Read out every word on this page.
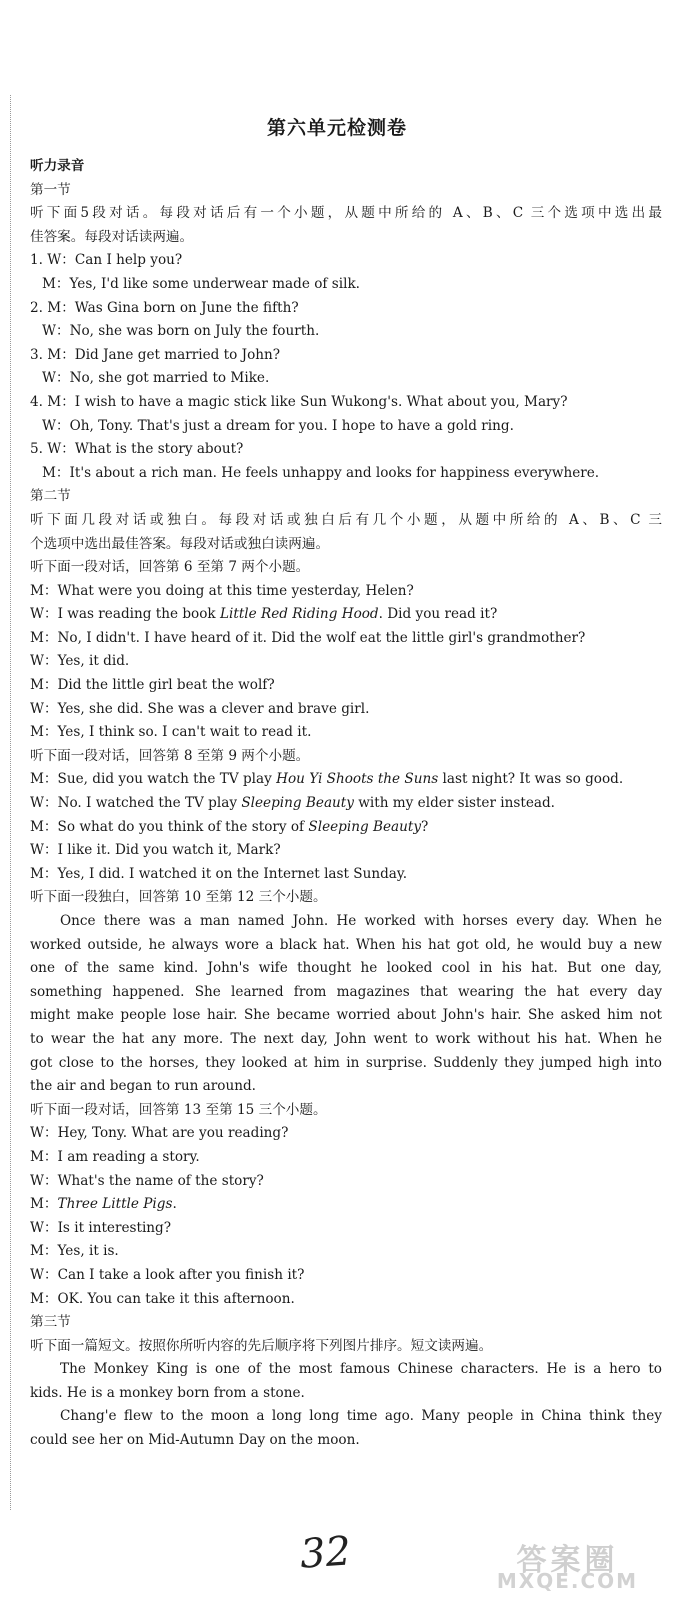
第六单元检测卷
听力录音
第一节
听下面5段对话。每段对话后有一个小题，从题中所给的 A、B、C 三个选项中选出最
佳答案。每段对话读两遍。
1. W：Can I help you?
M：Yes, I'd like some underwear made of silk.
2. M：Was Gina born on June the fifth?
W：No, she was born on July the fourth.
3. M：Did Jane get married to John?
W：No, she got married to Mike.
4. M：I wish to have a magic stick like Sun Wukong's. What about you, Mary?
W：Oh, Tony. That's just a dream for you. I hope to have a gold ring.
5. W：What is the story about?
M：It's about a rich man. He feels unhappy and looks for happiness everywhere.
第二节
听下面几段对话或独白。每段对话或独白后有几个小题，从题中所给的 A、B、C 三
个选项中选出最佳答案。每段对话或独白读两遍。
听下面一段对话，回答第 6 至第 7 两个小题。
M：What were you doing at this time yesterday, Helen?
W：I was reading the book Little Red Riding Hood. Did you read it?
M：No, I didn't. I have heard of it. Did the wolf eat the little girl's grandmother?
W：Yes, it did.
M：Did the little girl beat the wolf?
W：Yes, she did. She was a clever and brave girl.
M：Yes, I think so. I can't wait to read it.
听下面一段对话，回答第 8 至第 9 两个小题。
M：Sue, did you watch the TV play Hou Yi Shoots the Suns last night? It was so good.
W：No. I watched the TV play Sleeping Beauty with my elder sister instead.
M：So what do you think of the story of Sleeping Beauty?
W：I like it. Did you watch it, Mark?
M：Yes, I did. I watched it on the Internet last Sunday.
听下面一段独白，回答第 10 至第 12 三个小题。
Once there was a man named John. He worked with horses every day. When he
worked outside, he always wore a black hat. When his hat got old, he would buy a new
one of the same kind. John's wife thought he looked cool in his hat. But one day,
something happened. She learned from magazines that wearing the hat every day
might make people lose hair. She became worried about John's hair. She asked him not
to wear the hat any more. The next day, John went to work without his hat. When he
got close to the horses, they looked at him in surprise. Suddenly they jumped high into
the air and began to run around.
听下面一段对话，回答第 13 至第 15 三个小题。
W：Hey, Tony. What are you reading?
M：I am reading a story.
W：What's the name of the story?
M：Three Little Pigs.
W：Is it interesting?
M：Yes, it is.
W：Can I take a look after you finish it?
M：OK. You can take it this afternoon.
第三节
听下面一篇短文。按照你所听内容的先后顺序将下列图片排序。短文读两遍。
The Monkey King is one of the most famous Chinese characters. He is a hero to
kids. He is a monkey born from a stone.
Chang'e flew to the moon a long long time ago. Many people in China think they
could see her on Mid-Autumn Day on the moon.
32	答案圈
MXQE.COM
